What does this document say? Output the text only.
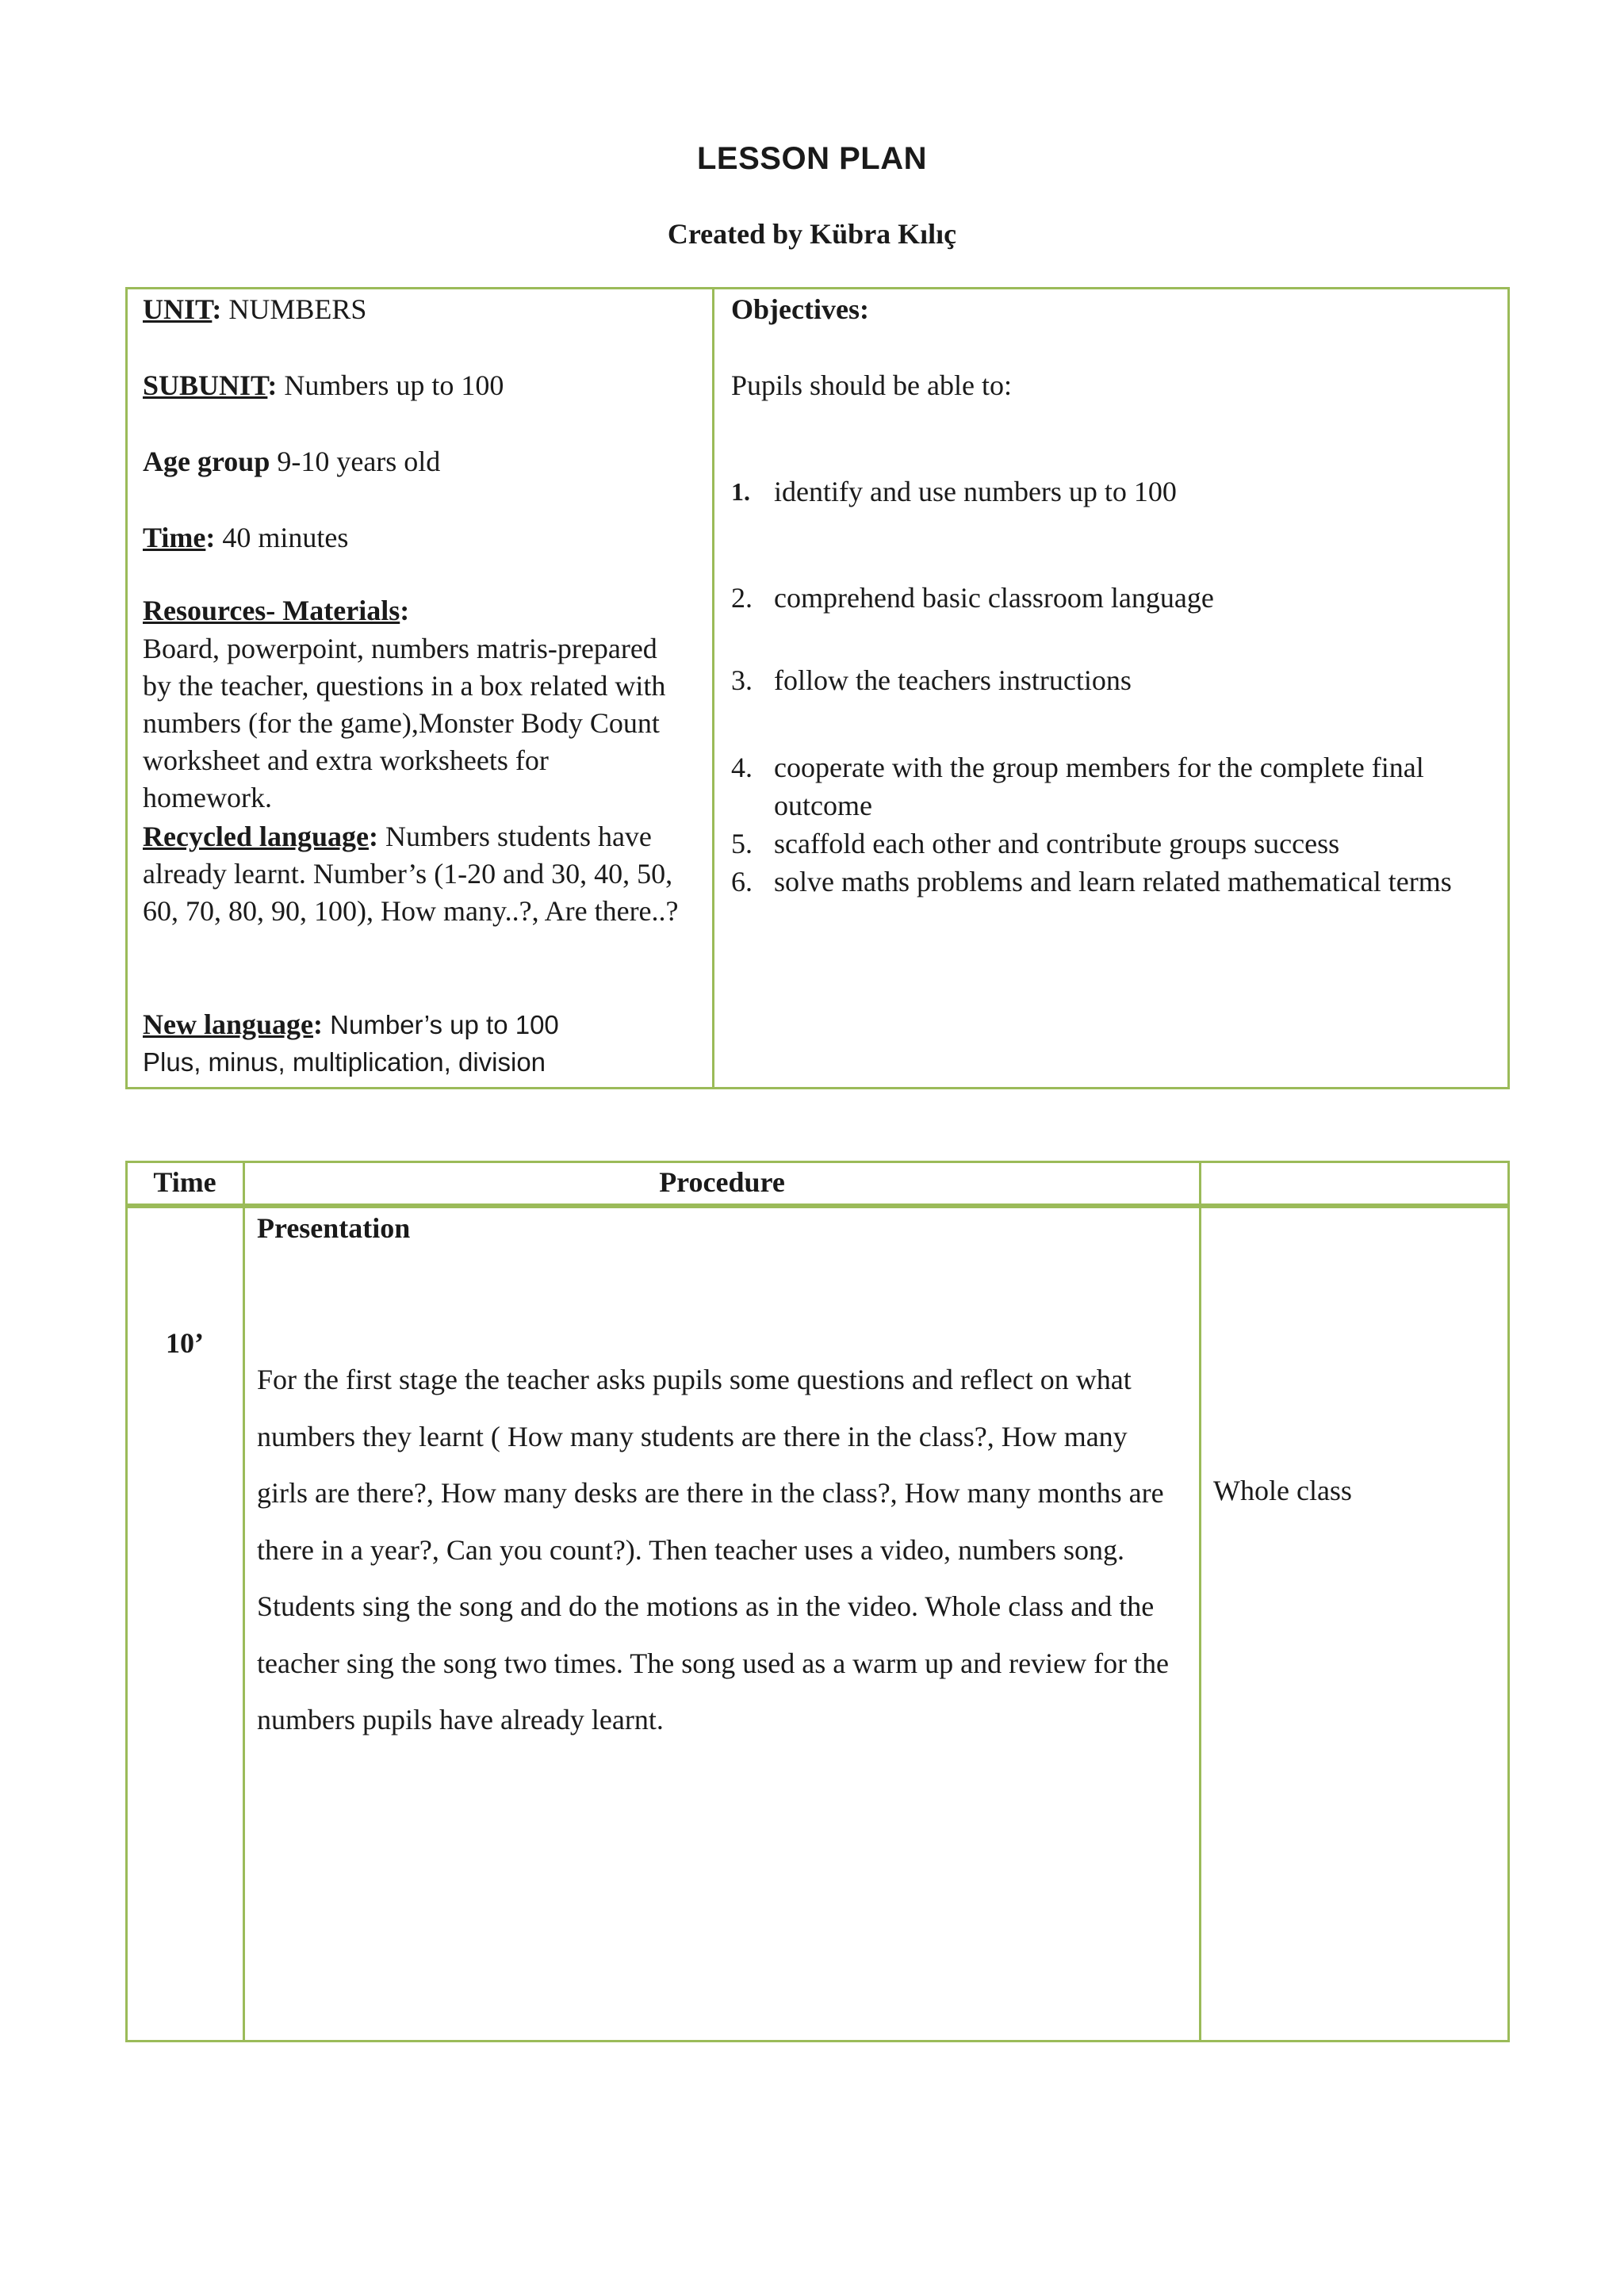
LESSON PLAN
Created by Kübra Kılıç
UNIT: NUMBERS
SUBUNIT: Numbers up to 100
Age group 9-10 years old
Time: 40 minutes
Resources- Materials:
Board, powerpoint, numbers matris-prepared by the teacher, questions in a box related with numbers (for the game),Monster Body Count worksheet and extra worksheets for homework.
Recycled language: Numbers students have already learnt. Number’s (1-20 and 30, 40, 50, 60, 70, 80, 90, 100), How many..?, Are there..?
New language: Number’s up to 100
Plus, minus, multiplication, division
Objectives:
Pupils should be able to:
1. identify and use numbers up to 100
2. comprehend basic classroom language
3. follow the teachers instructions
4. cooperate with the group members for the complete final outcome
5. scaffold each other and contribute groups success
6. solve maths problems and learn related mathematical terms
Time	Procedure
10’
Presentation
For the first stage the teacher asks pupils some questions and reflect on what numbers they learnt ( How many students are there in the class?, How many girls are there?, How many desks are there in the class?, How many months are there in a year?, Can you count?). Then teacher uses a video, numbers song. Students sing the song and do the motions as in the video. Whole class and the teacher sing the song two times. The song used as a warm up and review for the numbers pupils have already learnt.
Whole class
